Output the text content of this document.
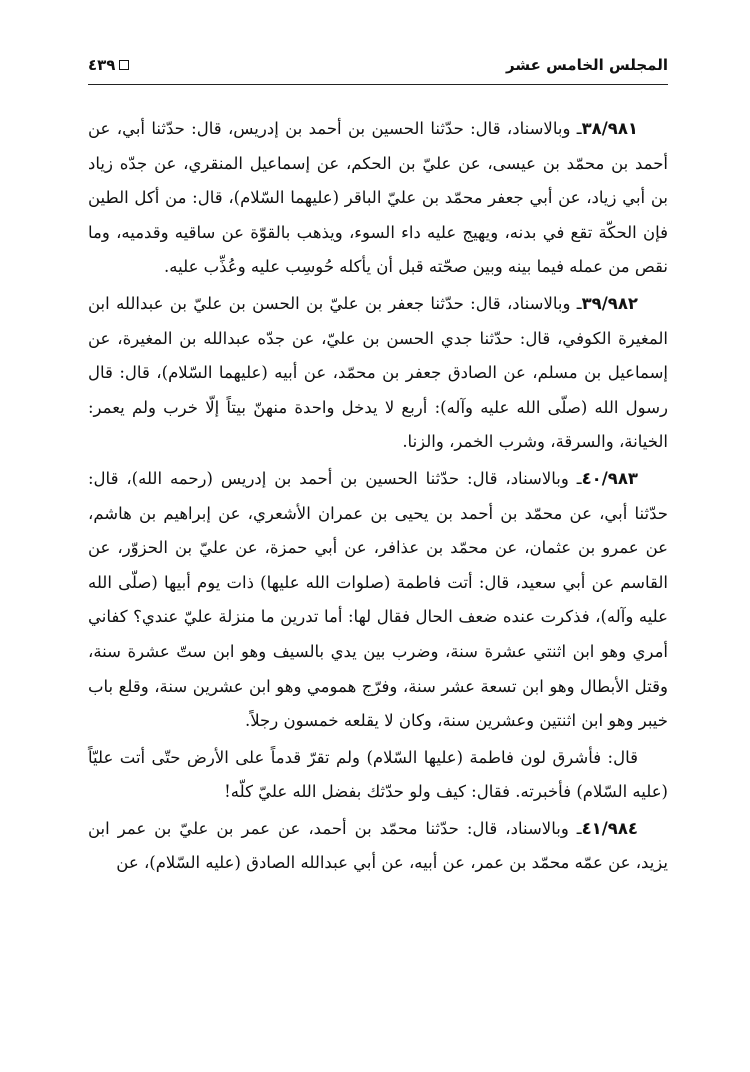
المجلس الخامس عشر
٤٣٩

٣٨/٩٨١ـ وبالاسناد، قال: حدّثنا الحسين بن أحمد بن إدريس، قال: حدّثنا أبي، عن أحمد بن محمّد بن عيسى، عن عليّ بن الحكم، عن إسماعيل المنقري، عن جدّه زياد بن أبي زياد، عن أبي جعفر محمّد بن عليّ الباقر (عليهما السّلام)، قال: من أكل الطين فإن الحكّة تقع في بدنه، ويهيج عليه داء السوء، ويذهب بالقوّة عن ساقيه وقدميه، وما نقص من عمله فيما بينه وبين صحّته قبل أن يأكله حُوسِب عليه وعُذِّب عليه.

٣٩/٩٨٢ـ وبالاسناد، قال: حدّثنا جعفر بن عليّ بن الحسن بن عليّ بن عبدالله ابن المغيرة الكوفي، قال: حدّثنا جدي الحسن بن عليّ، عن جدّه عبدالله بن المغيرة، عن إسماعيل بن مسلم، عن الصادق جعفر بن محمّد، عن أبيه (عليهما السّلام)، قال: قال رسول الله (صلّى الله عليه وآله): أربع لا يدخل واحدة منهنّ بيتاً إلّا خرب ولم يعمر: الخيانة، والسرقة، وشرب الخمر، والزنا.

٤٠/٩٨٣ـ وبالاسناد، قال: حدّثنا الحسين بن أحمد بن إدريس (رحمه الله)، قال: حدّثنا أبي، عن محمّد بن أحمد بن يحيى بن عمران الأشعري، عن إبراهيم بن هاشم، عن عمرو بن عثمان، عن محمّد بن عذافر، عن أبي حمزة، عن عليّ بن الحزوّر، عن القاسم عن أبي سعيد، قال: أتت فاطمة (صلوات الله عليها) ذات يوم أبيها (صلّى الله عليه وآله)، فذكرت عنده ضعف الحال فقال لها: أما تدرين ما منزلة عليّ عندي؟ كفاني أمري وهو ابن اثنتي عشرة سنة، وضرب بين يدي بالسيف وهو ابن ستّ عشرة سنة، وقتل الأبطال وهو ابن تسعة عشر سنة، وفرّج همومي وهو ابن عشرين سنة، وقلع باب خيبر وهو ابن اثنتين وعشرين سنة، وكان لا يقلعه خمسون رجلاً.

قال: فأشرق لون فاطمة (عليها السّلام) ولم تقرّ قدماً على الأرض حتّى أتت عليّاً (عليه السّلام) فأخبرته. فقال: كيف ولو حدّثك بفضل الله عليّ كلّه!

٤١/٩٨٤ـ وبالاسناد، قال: حدّثنا محمّد بن أحمد، عن عمر بن عليّ بن عمر ابن يزيد، عن عمّه محمّد بن عمر، عن أبيه، عن أبي عبدالله الصادق (عليه السّلام)، عن
